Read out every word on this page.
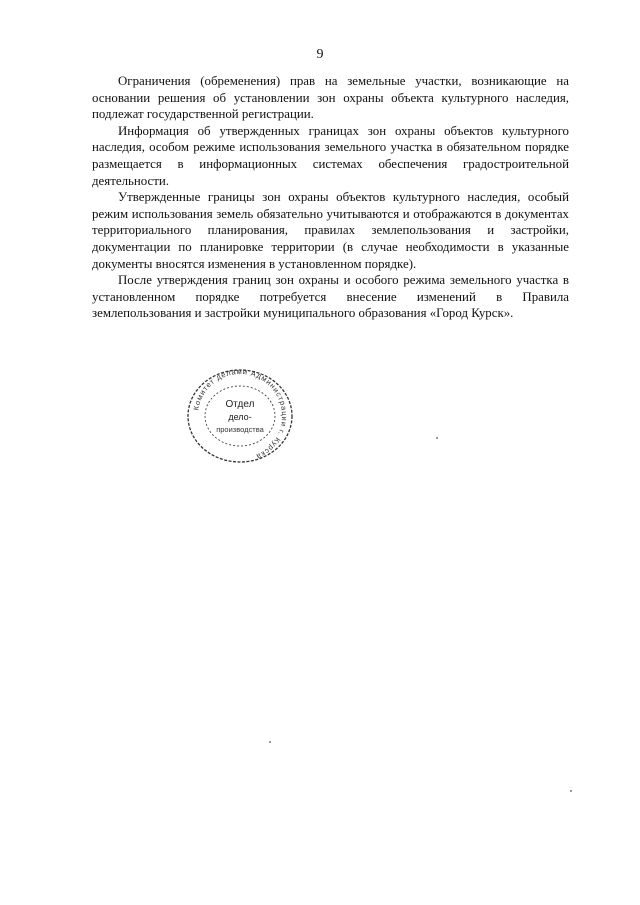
9

Ограничения (обременения) прав на земельные участки, возникающие на основании решения об установлении зон охраны объекта культурного наследия, подлежат государственной регистрации.

Информация об утвержденных границах зон охраны объектов культурного наследия, особом режиме использования земельного участка в обязательном порядке размещается в информационных системах обеспечения градостроительной деятельности.

Утвержденные границы зон охраны объектов культурного наследия, особый режим использования земель обязательно учитываются и отображаются в документах территориального планирования, правилах землепользования и застройки, документации по планировке территории (в случае необходимости в указанные документы вносятся изменения в установленном порядке).

После утверждения границ зон охраны и особого режима земельного участка в установленном порядке потребуется внесение изменений в Правила землепользования и застройки муниципального образования «Город Курск».

Комитет делами Администрации г. Курска
Отдел
дело-
производства
